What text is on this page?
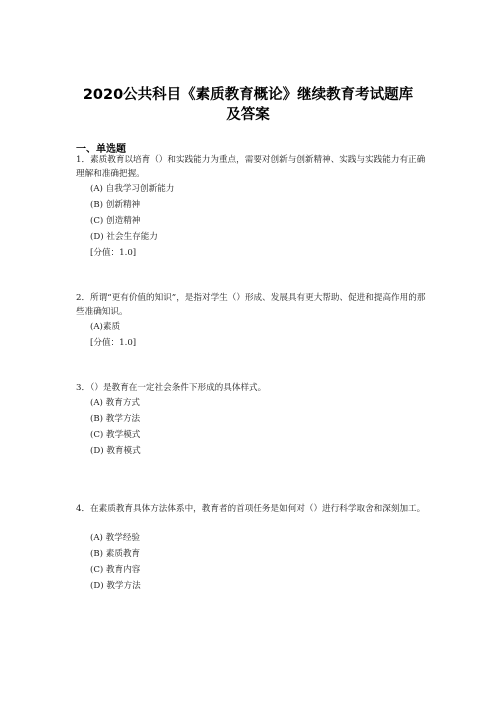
2020公共科目《素质教育概论》继续教育考试题库
及答案
一、单选题
1．素质教育以培育（）和实践能力为重点，需要对创新与创新精神、实践与实践能力有正确理解和准确把握。
(A) 自我学习创新能力
(B) 创新精神
(C) 创造精神
(D) 社会生存能力
[分值：1.0]
2．所谓“更有价值的知识”，是指对学生（）形成、发展具有更大帮助、促进和提高作用的那些准确知识。
(A)素质
[分值：1.0]
3．（）是教育在一定社会条件下形成的具体样式。
(A) 教育方式
(B) 教学方法
(C) 教学模式
(D) 教育模式
4．在素质教育具体方法体系中，教育者的首项任务是如何对（）进行科学取舍和深刻加工。
(A) 教学经验
(B) 素质教育
(C) 教育内容
(D) 教学方法
